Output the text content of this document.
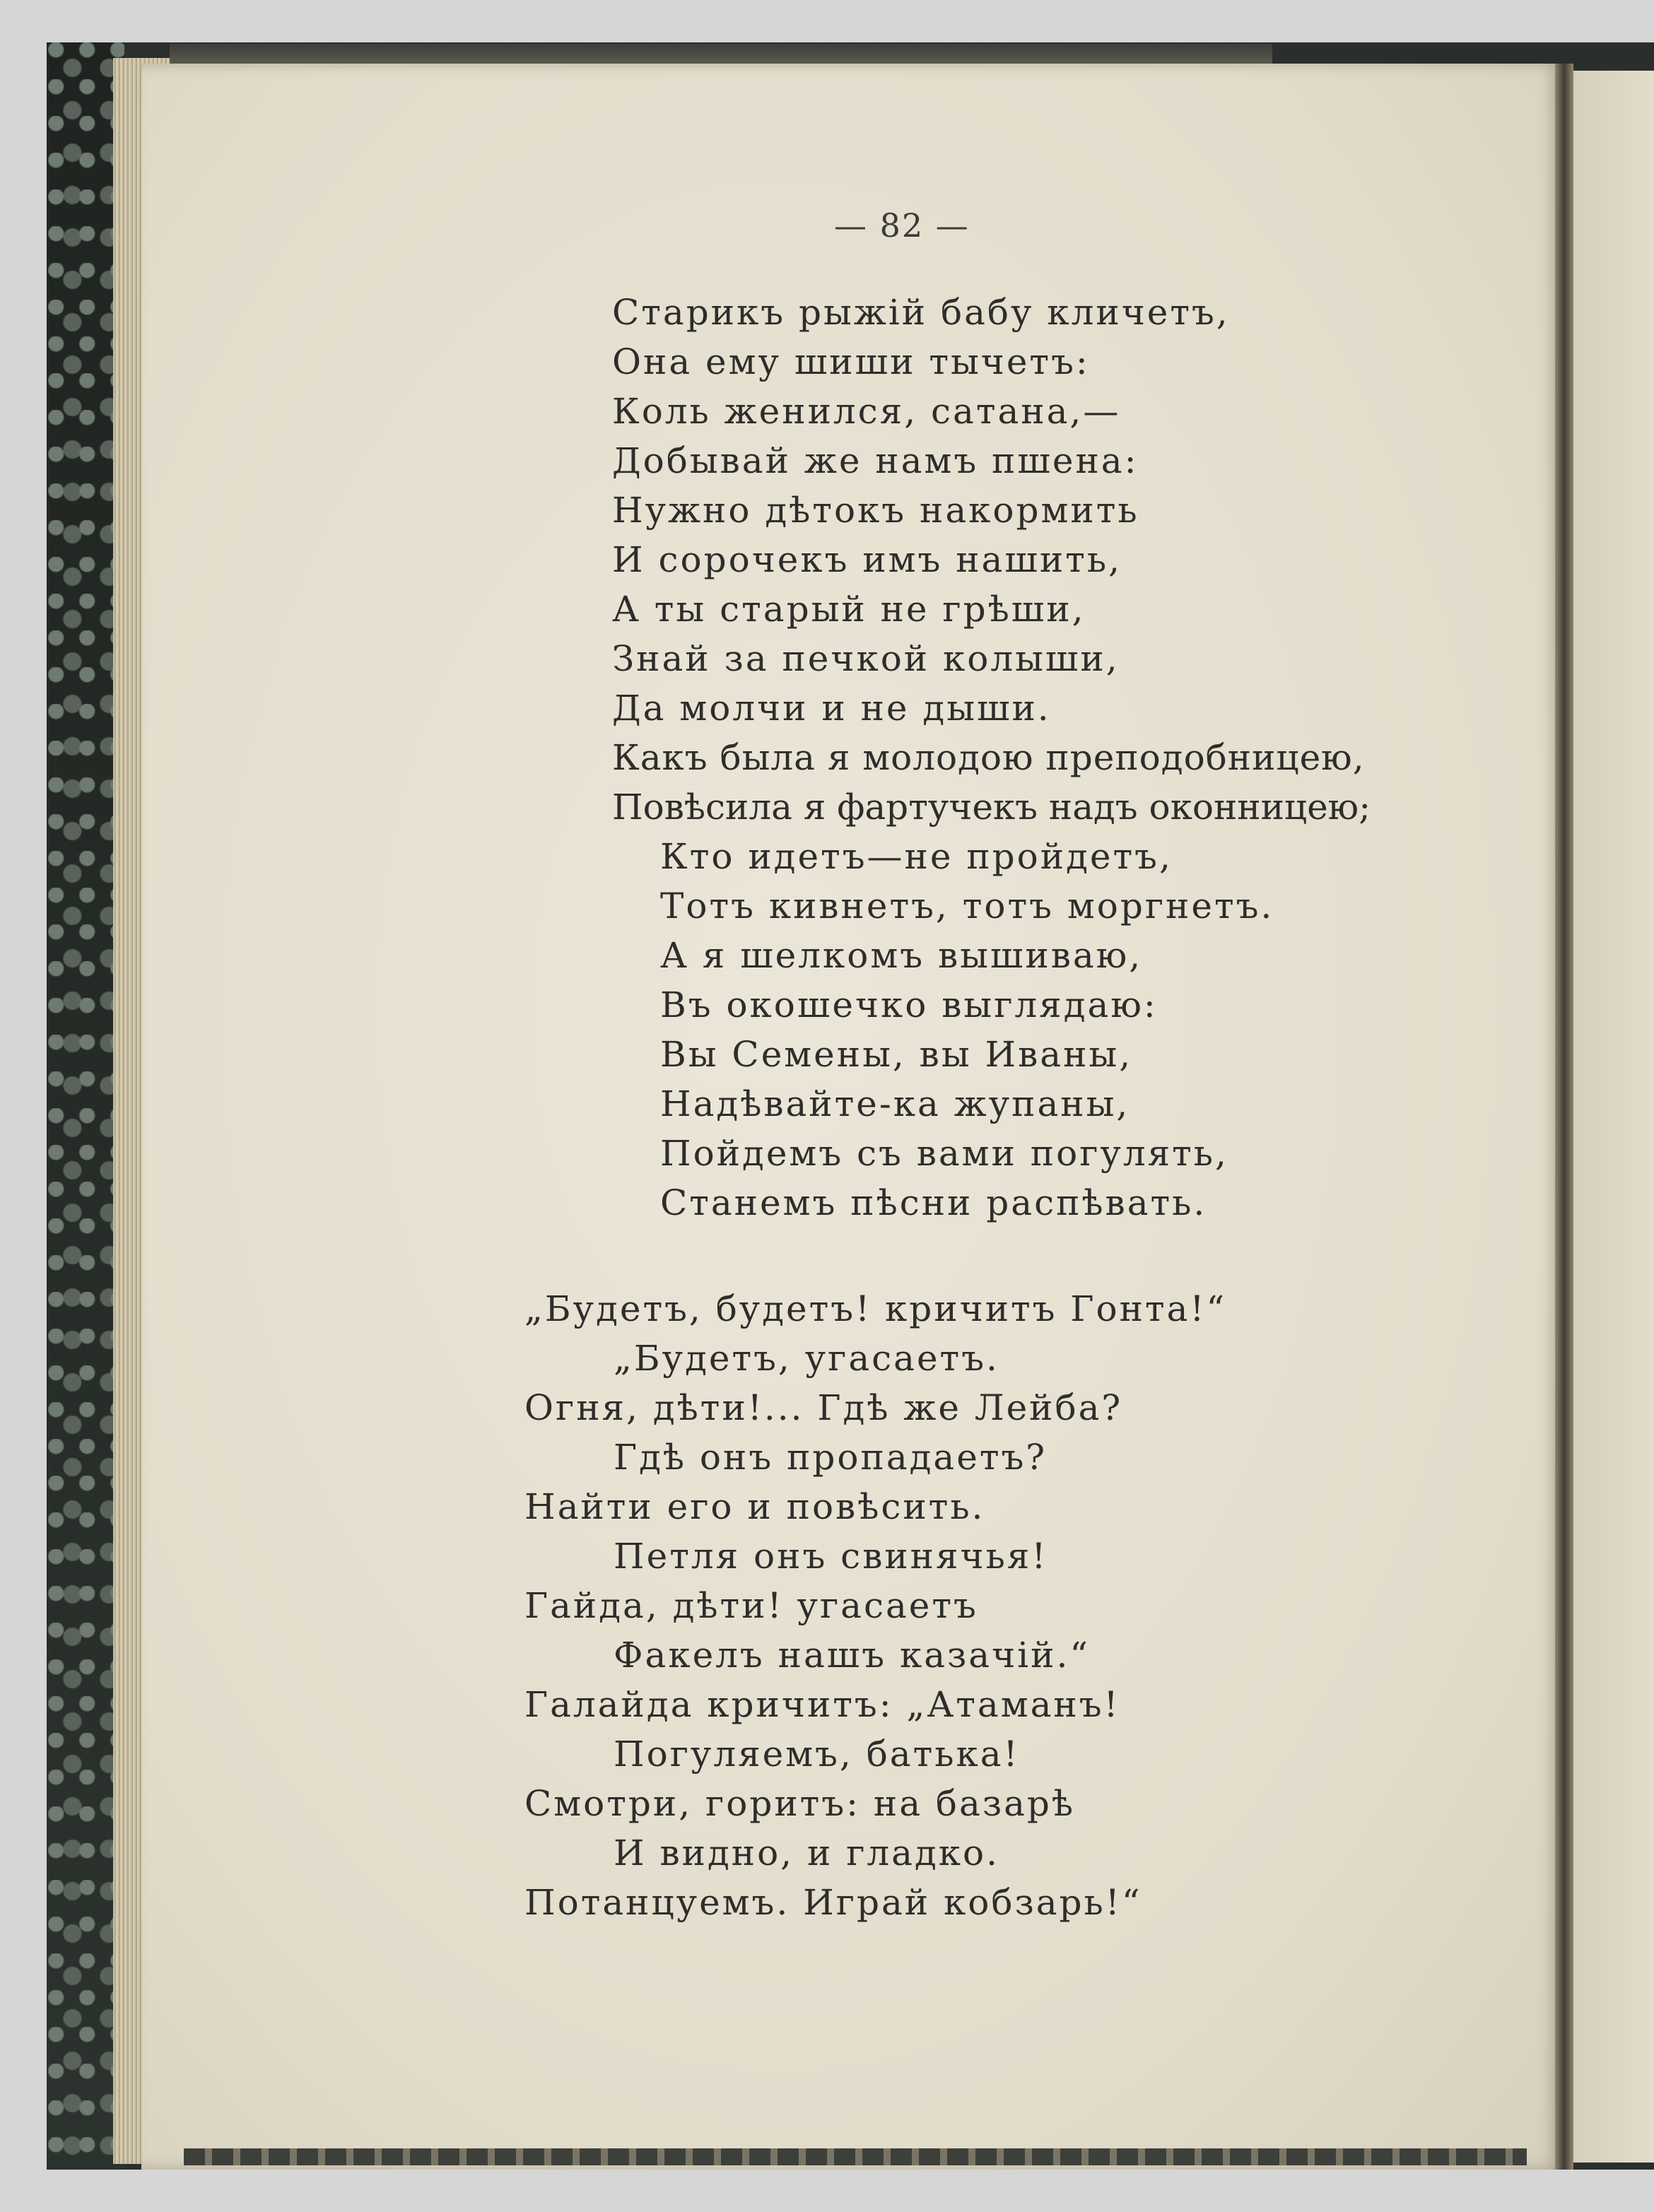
— 82 —
Старикъ рыжій бабу кличетъ,
Она ему шиши тычетъ:
Коль женился, сатана,—
Добывай же намъ пшена:
Нужно дѣтокъ накормить
И сорочекъ имъ нашить,
А ты старый не грѣши,
Знай за печкой колыши,
Да молчи и не дыши.
Какъ была я молодою преподобницею,
Повѣсила я фартучекъ надъ оконницею;
Кто идетъ—не пройдетъ,
Тотъ кивнетъ, тотъ моргнетъ.
А я шелкомъ вышиваю,
Въ окошечко выглядаю:
Вы Семены, вы Иваны,
Надѣвайте-ка жупаны,
Пойдемъ съ вами погулять,
Станемъ пѣсни распѣвать.
„Будетъ, будетъ! кричитъ Гонта!“
„Будетъ, угасаетъ.
Огня, дѣти!... Гдѣ же Лейба?
Гдѣ онъ пропадаетъ?
Найти его и повѣсить.
Петля онъ свинячья!
Гайда, дѣти! угасаетъ
Факелъ нашъ казачій.“
Галайда кричитъ: „Атаманъ!
Погуляемъ, батька!
Смотри, горитъ: на базарѣ
И видно, и гладко.
Потанцуемъ. Играй кобзарь!“
